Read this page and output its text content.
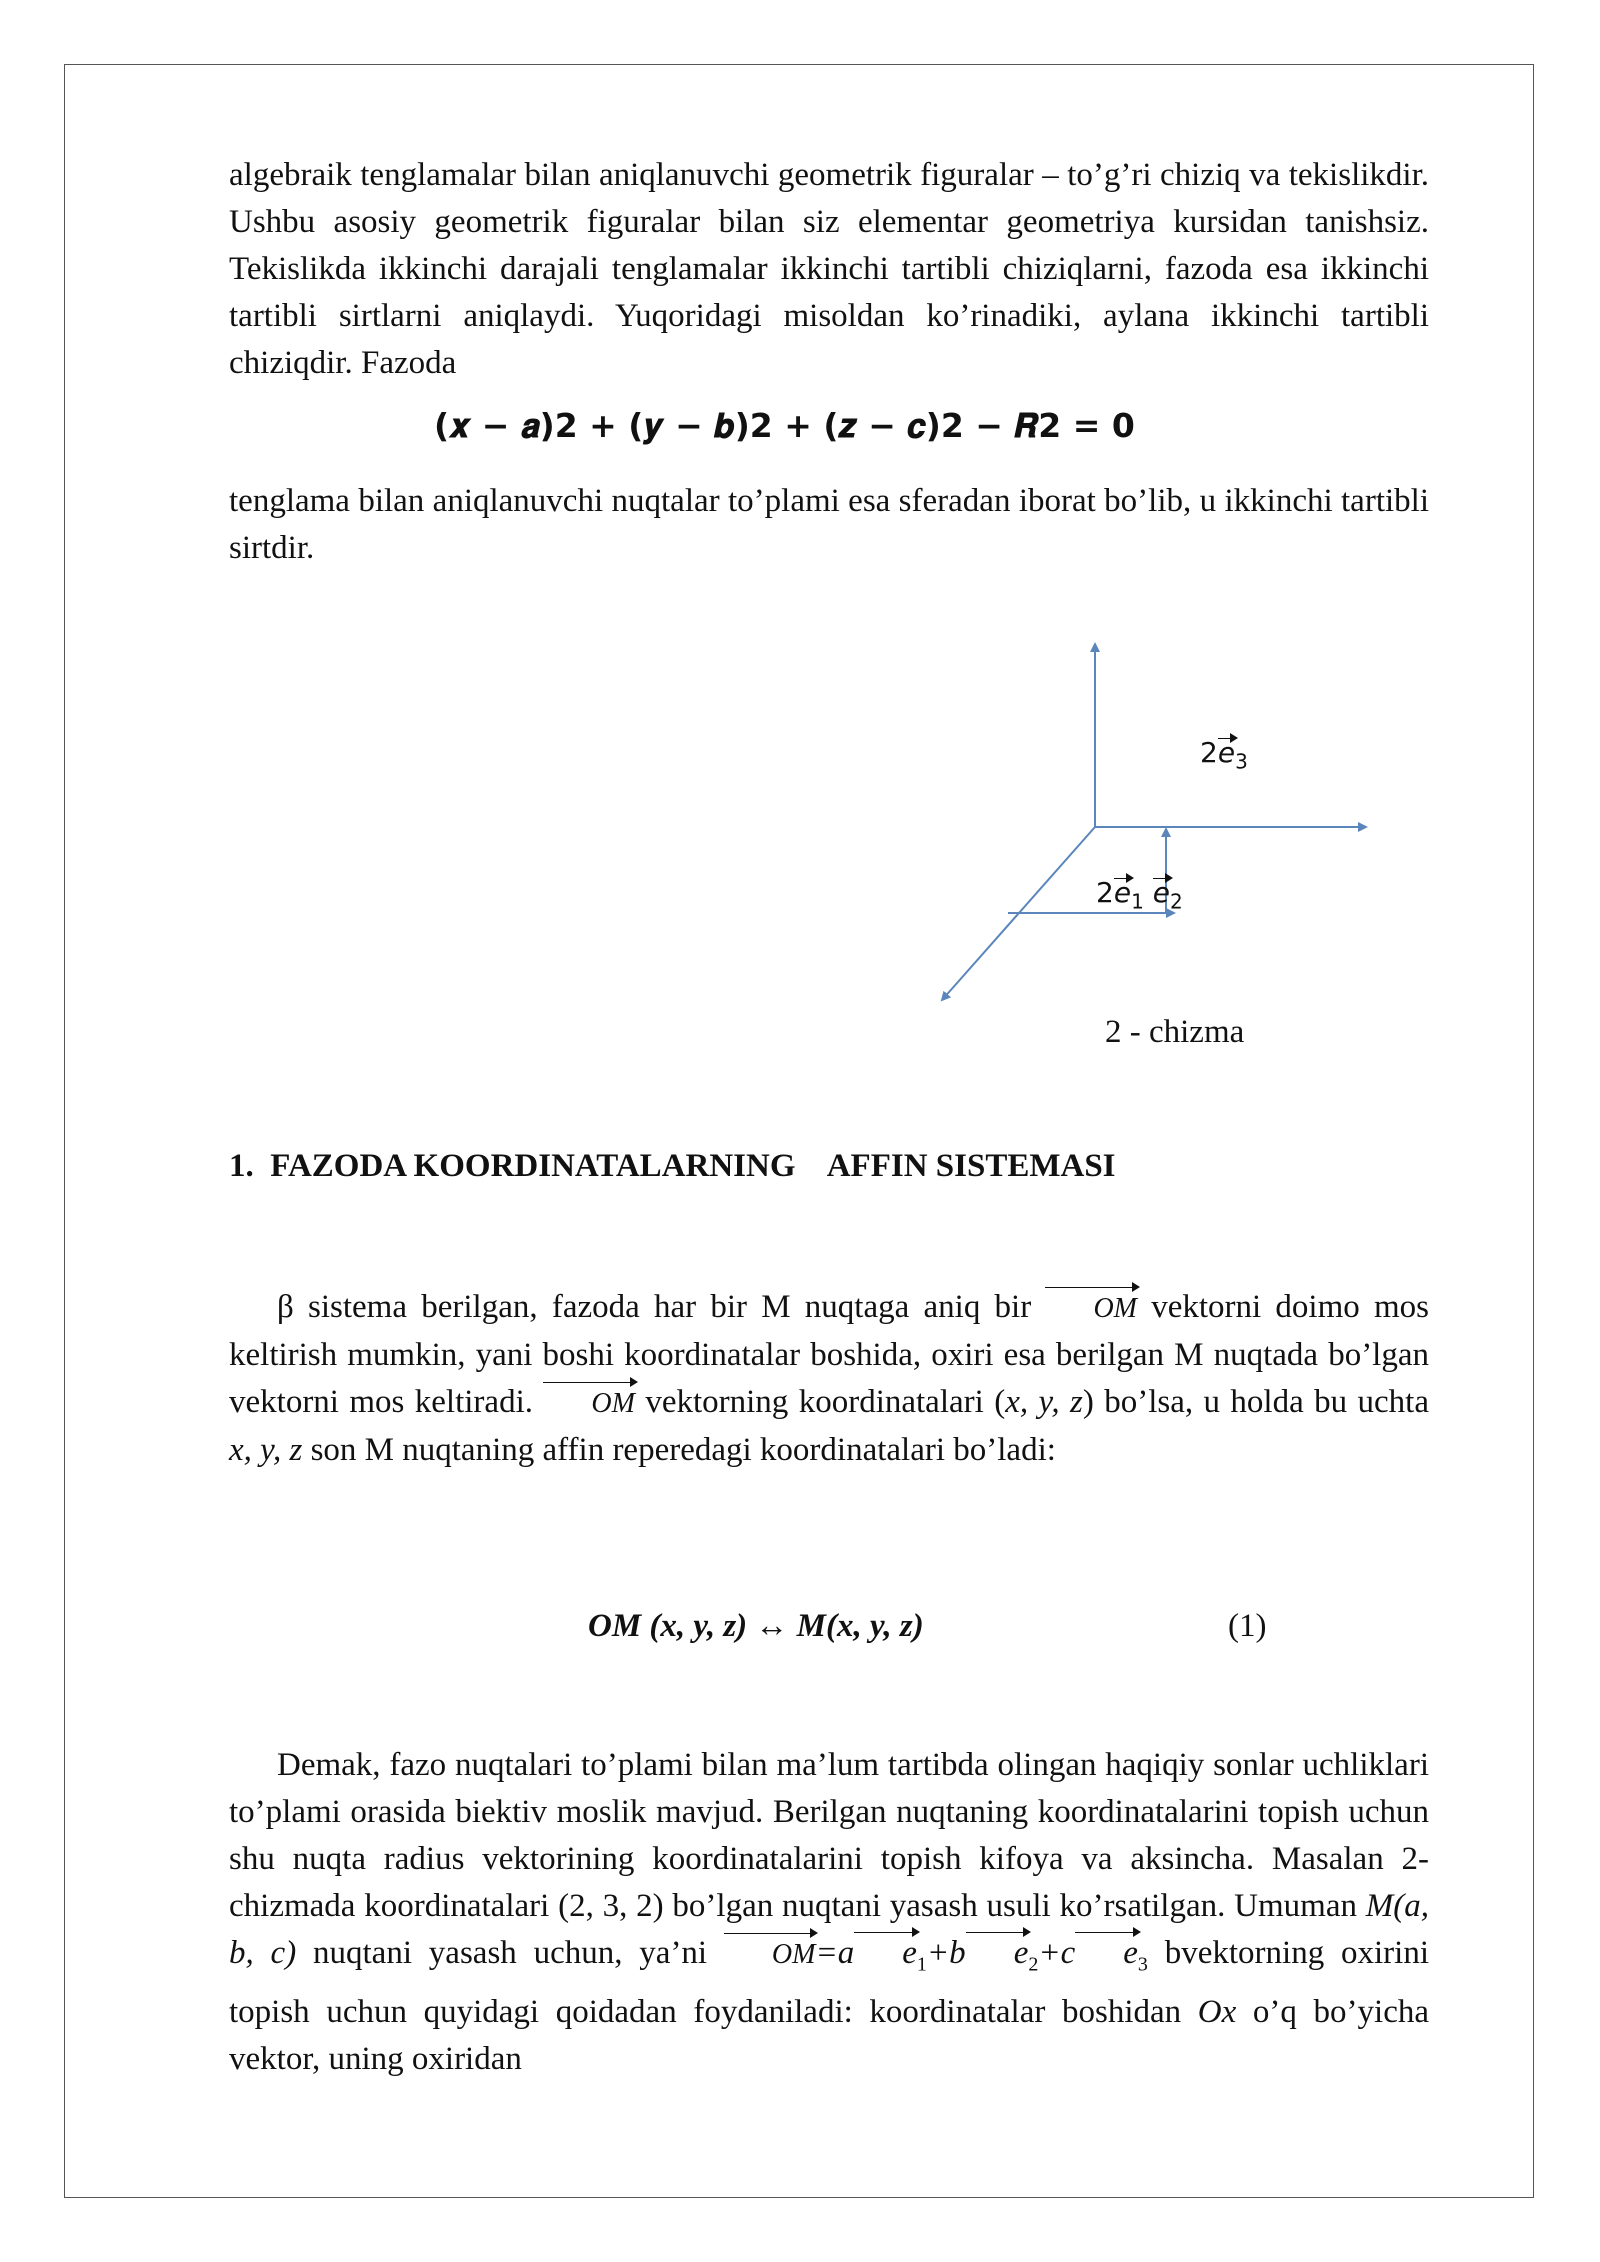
algebraik tenglamalar bilan aniqlanuvchi geometrik figuralar – to’g’ri chiziq va tekislikdir. Ushbu asosiy geometrik figuralar bilan siz elementar geometriya kursidan tanishsiz. Tekislikda ikkinchi darajali tenglamalar ikkinchi tartibli chiziqlarni, fazoda esa ikkinchi tartibli sirtlarni aniqlaydi. Yuqoridagi misoldan ko’rinadiki, aylana ikkinchi tartibli chiziqdir. Fazoda

(𝒙 − 𝒂)2 + (𝒚 − 𝒃)2 + (𝒛 − 𝒄)2 − 𝑹2 = 0

tenglama bilan aniqlanuvchi nuqtalar to’plami esa sferadan iborat bo’lib, u ikkinchi tartibli sirtdir.

$2e_3$
$2e_1$ $e_2$
2 - chizma
1.  FAZODA KOORDINATALARNING    AFFIN SISTEMASI

β sistema berilgan, fazoda har bir M nuqtaga aniq bir OM vektorni doimo mos keltirish mumkin, yani boshi koordinatalar boshida, oxiri esa berilgan M nuqtada bo’lgan vektorni mos keltiradi. OM vektorning koordinatalari (x, y, z) bo’lsa, u holda bu uchta x, y, z son M nuqtaning affin reperedagi koordinatalari bo’ladi:

OM (x, y, z) ↔ M(x, y, z)	(1)

Demak, fazo nuqtalari to’plami bilan ma’lum tartibda olingan haqiqiy sonlar uchliklari to’plami orasida biektiv moslik mavjud. Berilgan nuqtaning koordinatalarini topish uchun shu nuqta radius vektorining koordinatalarini topish kifoya va aksincha. Masalan 2-chizmada koordinatalari (2, 3, 2) bo’lgan nuqtani yasash usuli ko’rsatilgan. Umuman M(a, b, c) nuqtani yasash uchun, ya’ni OM=a $e_1+b$ $e_2+c$ $e_3$ bvektorning oxirini topish uchun quyidagi qoidadan foydaniladi: koordinatalar boshidan Ox o’q bo’yicha vektor, uning oxiridan
